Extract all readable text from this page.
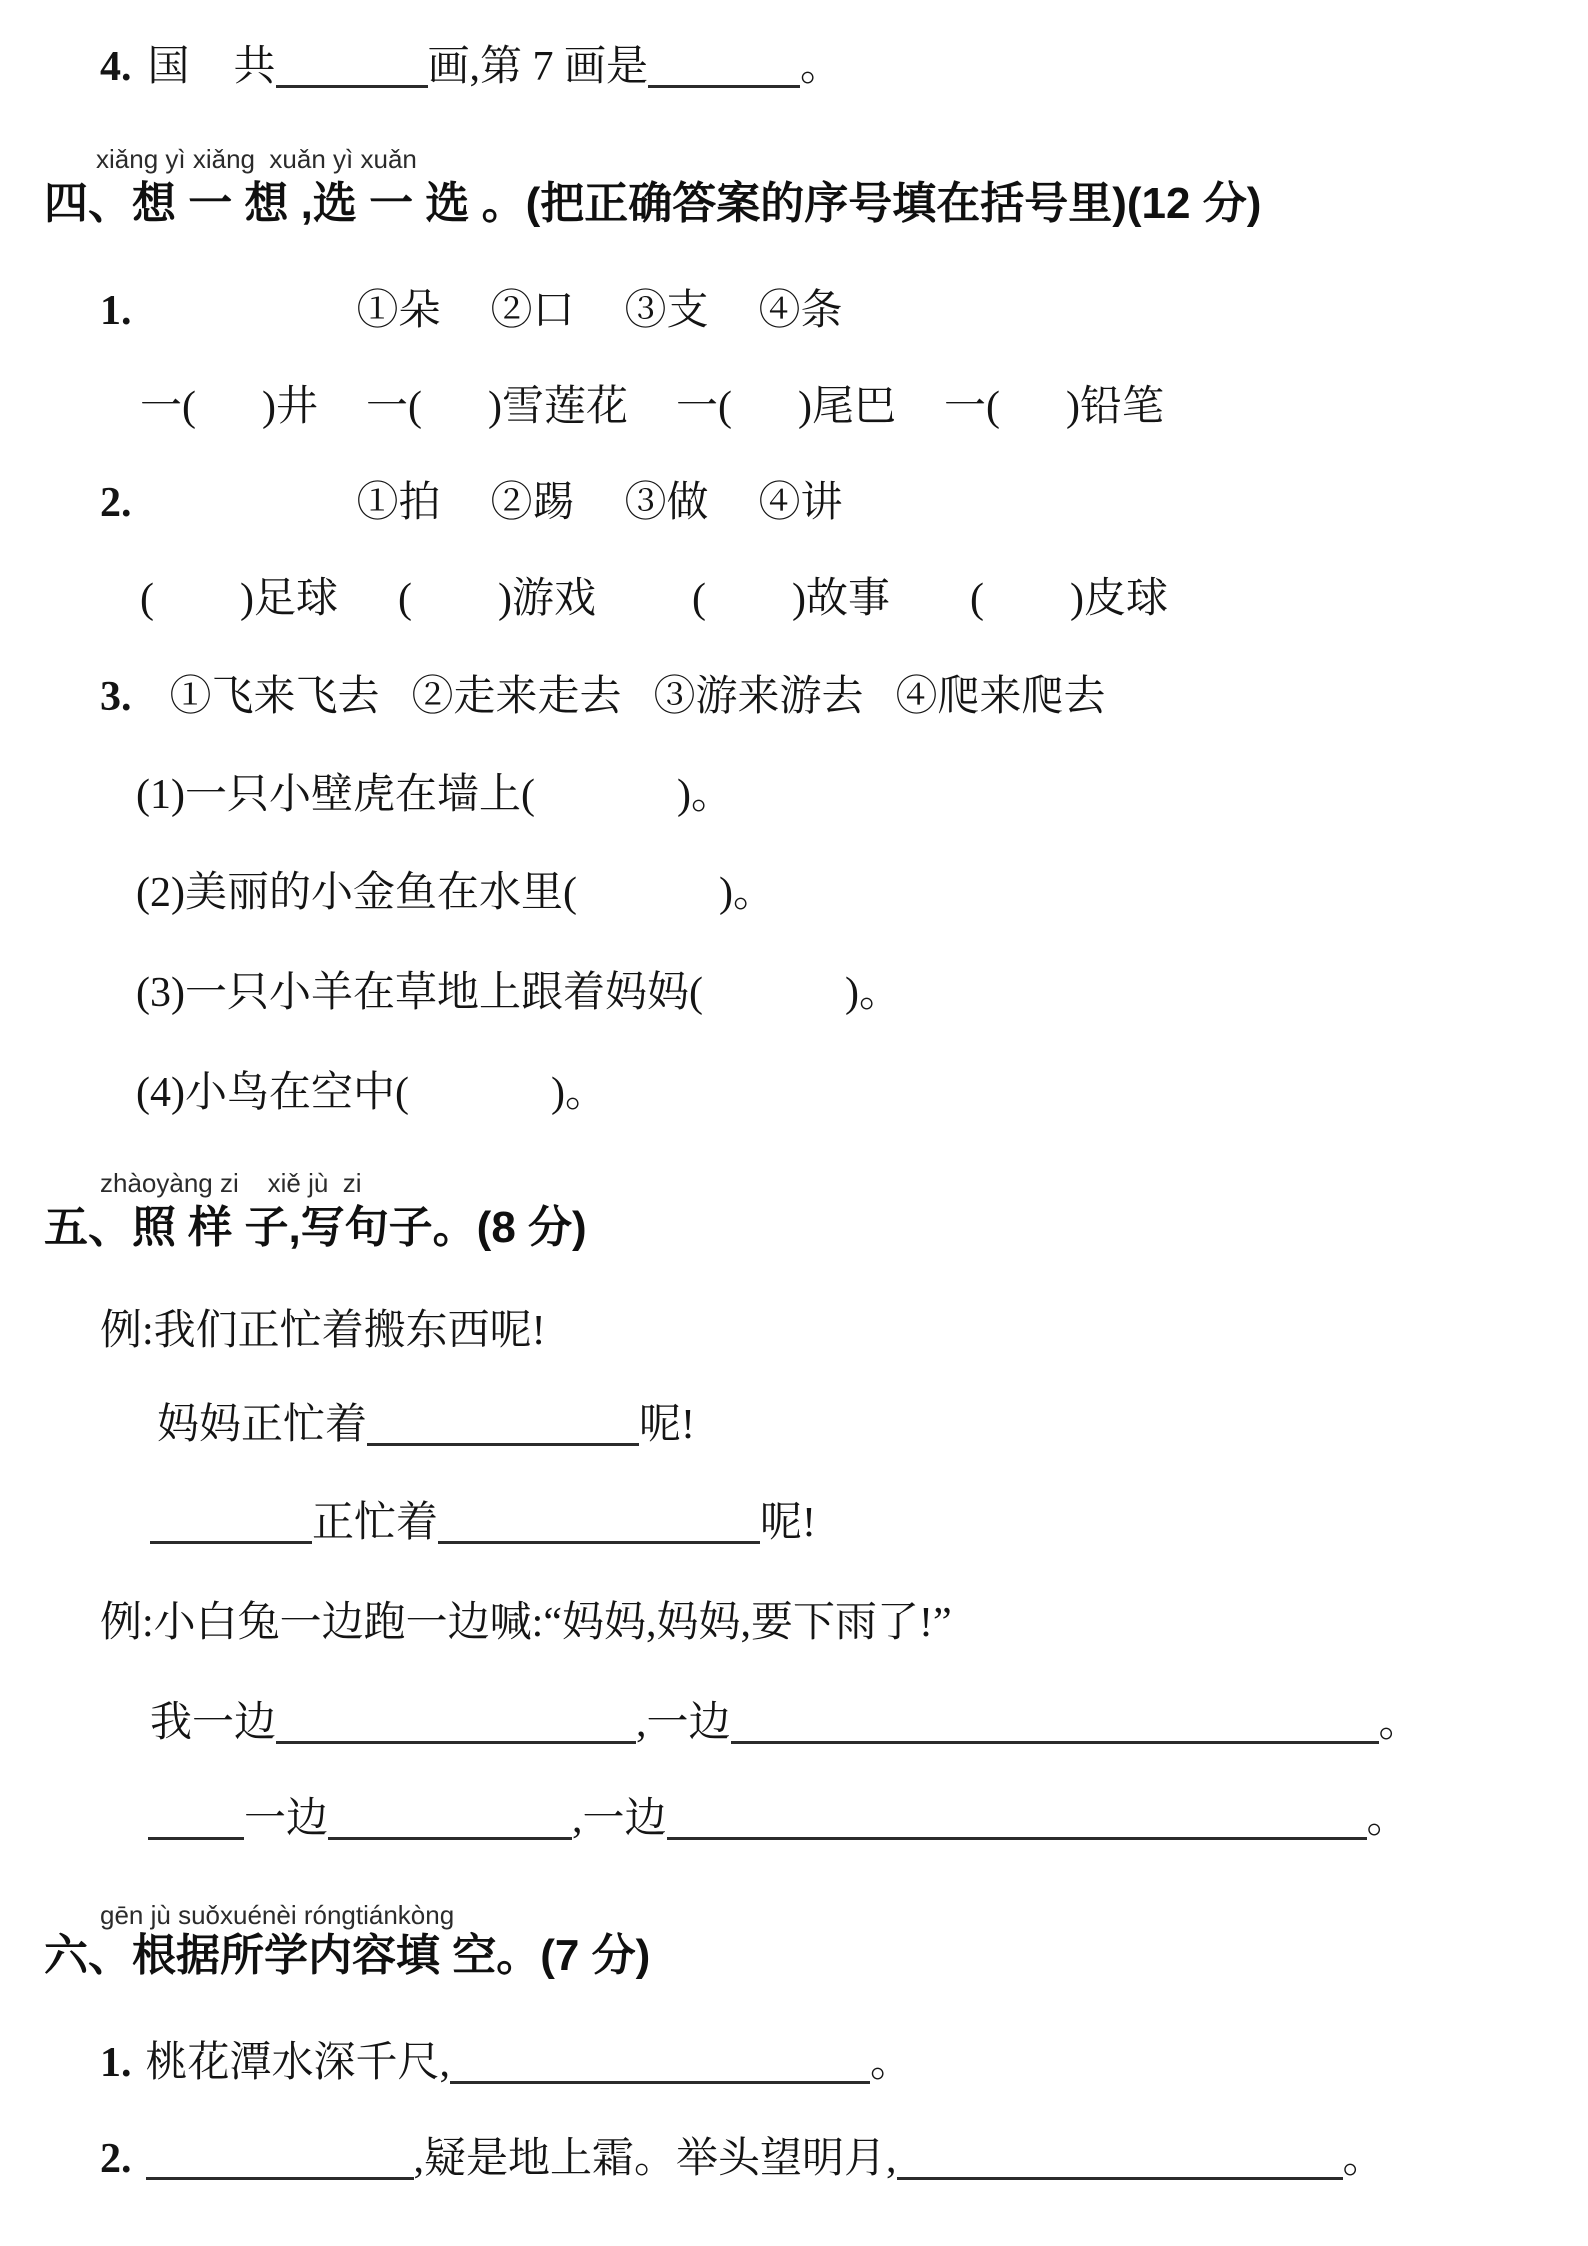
4. 国 共	画,第 7 画是	。
xiǎng yì xiǎng  xuǎn yì xuǎn
四、想 一 想 ,选 一 选 。(把正确答案的序号填在括号里)(12 分)
1.	①朵 ②口 ③支 ④条
一( )井 一( )雪莲花 一( )尾巴 一( )铅笔
2.	①拍 ②踢 ③做 ④讲
( )足球 ( )游戏 ( )故事 ( )皮球
3. ①飞来飞去 ②走来走去 ③游来游去 ④爬来爬去
(1)一只小壁虎在墙上(	)。
(2)美丽的小金鱼在水里(	)。
(3)一只小羊在草地上跟着妈妈(	)。
(4)小鸟在空中(	)。
zhàoyàng zi    xiě jù  zi
五、照 样 子,写句子。(8 分)
例:我们正忙着搬东西呢!
妈妈正忙着	呢!
正忙着	呢!
例:小白兔一边跑一边喊:“妈妈,妈妈,要下雨了!”
我一边	,一边	。
一边	,一边	。
gēn jù suǒxuénèi róngtiánkòng
六、根据所学内容填 空。(7 分)
1. 桃花潭水深千尺,	。
2.	,疑是地上霜。举头望明月,	。
